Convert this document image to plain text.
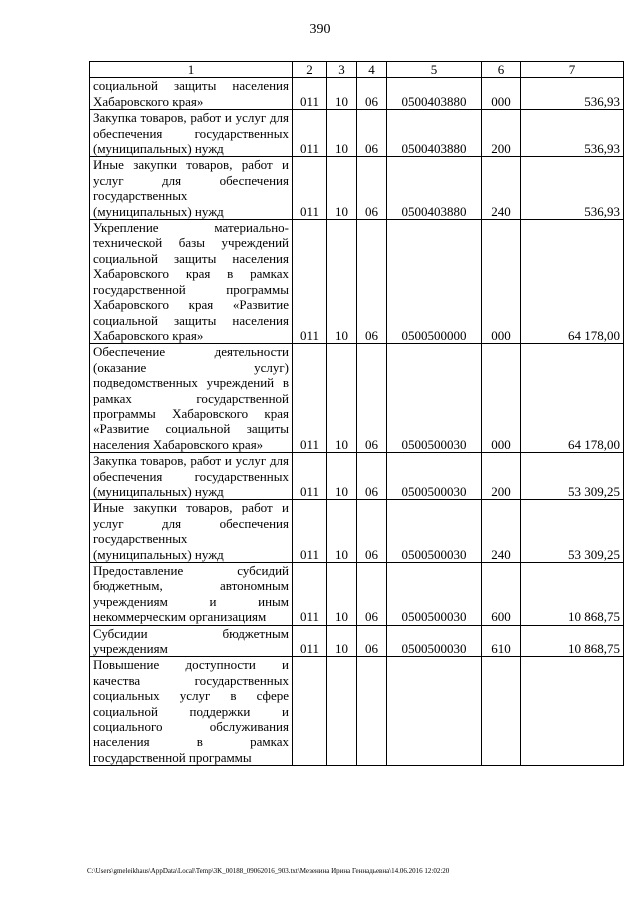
390
1	2	3	4	5	6	7
социальной защиты населения Хабаровского края»	011	10	06	0500403880	000	536,93
Закупка товаров, работ и услуг для обеспечения государственных (муниципальных) нужд	011	10	06	0500403880	200	536,93
Иные закупки товаров, работ и услуг для обеспечения государственных (муниципальных) нужд	011	10	06	0500403880	240	536,93
Укрепление материально-технической базы учреждений социальной защиты населения Хабаровского края в рамках государственной программы Хабаровского края «Развитие социальной защиты населения Хабаровского края»	011	10	06	0500500000	000	64 178,00
Обеспечение деятельности (оказание услуг) подведомственных учреждений в рамках государственной программы Хабаровского края «Развитие социальной защиты населения Хабаровского края»	011	10	06	0500500030	000	64 178,00
Закупка товаров, работ и услуг для обеспечения государственных (муниципальных) нужд	011	10	06	0500500030	200	53 309,25
Иные закупки товаров, работ и услуг для обеспечения государственных (муниципальных) нужд	011	10	06	0500500030	240	53 309,25
Предоставление субсидий бюджетным, автономным учреждениям и иным некоммерческим организациям	011	10	06	0500500030	600	10 868,75
Субсидии бюджетным учреждениям	011	10	06	0500500030	610	10 868,75
Повышение доступности и качества государственных социальных услуг в сфере социальной поддержки и социального обслуживания населения в рамках государственной программы						
C:\Users\gmeleikhaus\AppData\Local\Temp\3K_00188_09062016_903.txt\Мезенина Ирина Геннадьевна\14.06.2016 12:02:20
